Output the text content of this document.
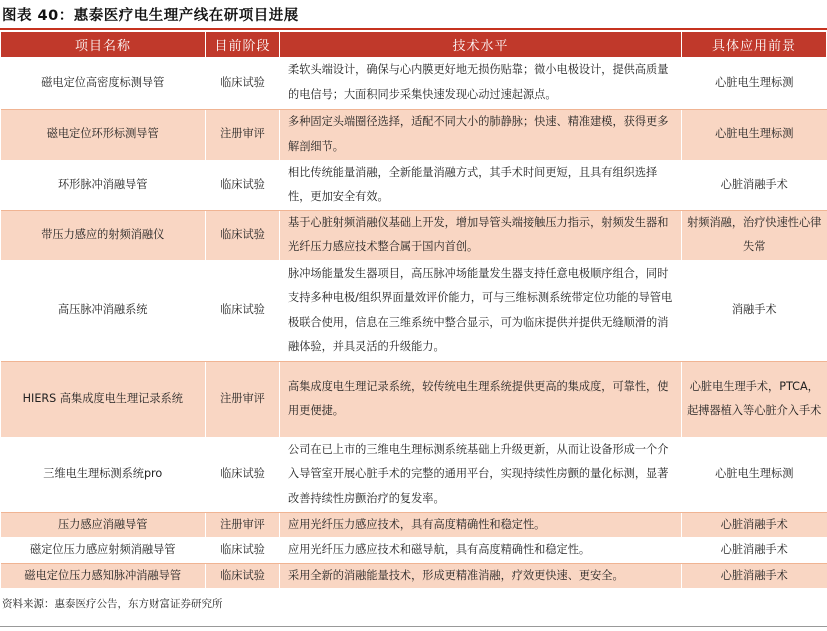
图表 40：惠泰医疗电生理产线在研项目进展
项目名称	目前阶段	技术水平	具体应用前景
磁电定位高密度标测导管	临床试验	柔软头端设计，确保与心内膜更好地无损伤贴靠；微小电极设计，提供高质量的电信号；大面积同步采集快速发现心动过速起源点。	心脏电生理标测
磁电定位环形标测导管	注册审评	多种固定头端圈径选择，适配不同大小的肺静脉；快速、精准建模，获得更多解剖细节。	心脏电生理标测
环形脉冲消融导管	临床试验	相比传统能量消融，全新能量消融方式，其手术时间更短，且具有组织选择性，更加安全有效。	心脏消融手术
带压力感应的射频消融仪	临床试验	基于心脏射频消融仪基础上开发，增加导管头端接触压力指示，射频发生器和光纤压力感应技术整合属于国内首创。	射频消融，治疗快速性心律失常
高压脉冲消融系统	临床试验	脉冲场能量发生器项目，高压脉冲场能量发生器支持任意电极顺序组合，同时支持多种电极/组织界面量效评价能力，可与三维标测系统带定位功能的导管电极联合使用，信息在三维系统中整合显示，可为临床提供并提供无缝顺滑的消融体验，并具灵活的升级能力。	消融手术
HIERS 高集成度电生理记录系统	注册审评	高集成度电生理记录系统，较传统电生理系统提供更高的集成度，可靠性，使用更便捷。	心脏电生理手术，PTCA，起搏器植入等心脏介入手术
三维电生理标测系统pro	临床试验	公司在已上市的三维电生理标测系统基础上升级更新，从而让设备形成一个介入导管室开展心脏手术的完整的通用平台，实现持续性房颤的量化标测，显著改善持续性房颤治疗的复发率。	心脏电生理标测
压力感应消融导管	注册审评	应用光纤压力感应技术，具有高度精确性和稳定性。	心脏消融手术
磁定位压力感应射频消融导管	临床试验	应用光纤压力感应技术和磁导航，具有高度精确性和稳定性。	心脏消融手术
磁电定位压力感知脉冲消融导管	临床试验	采用全新的消融能量技术，形成更精准消融，疗效更快速、更安全。	心脏消融手术
资料来源：惠泰医疗公告，东方财富证券研究所
